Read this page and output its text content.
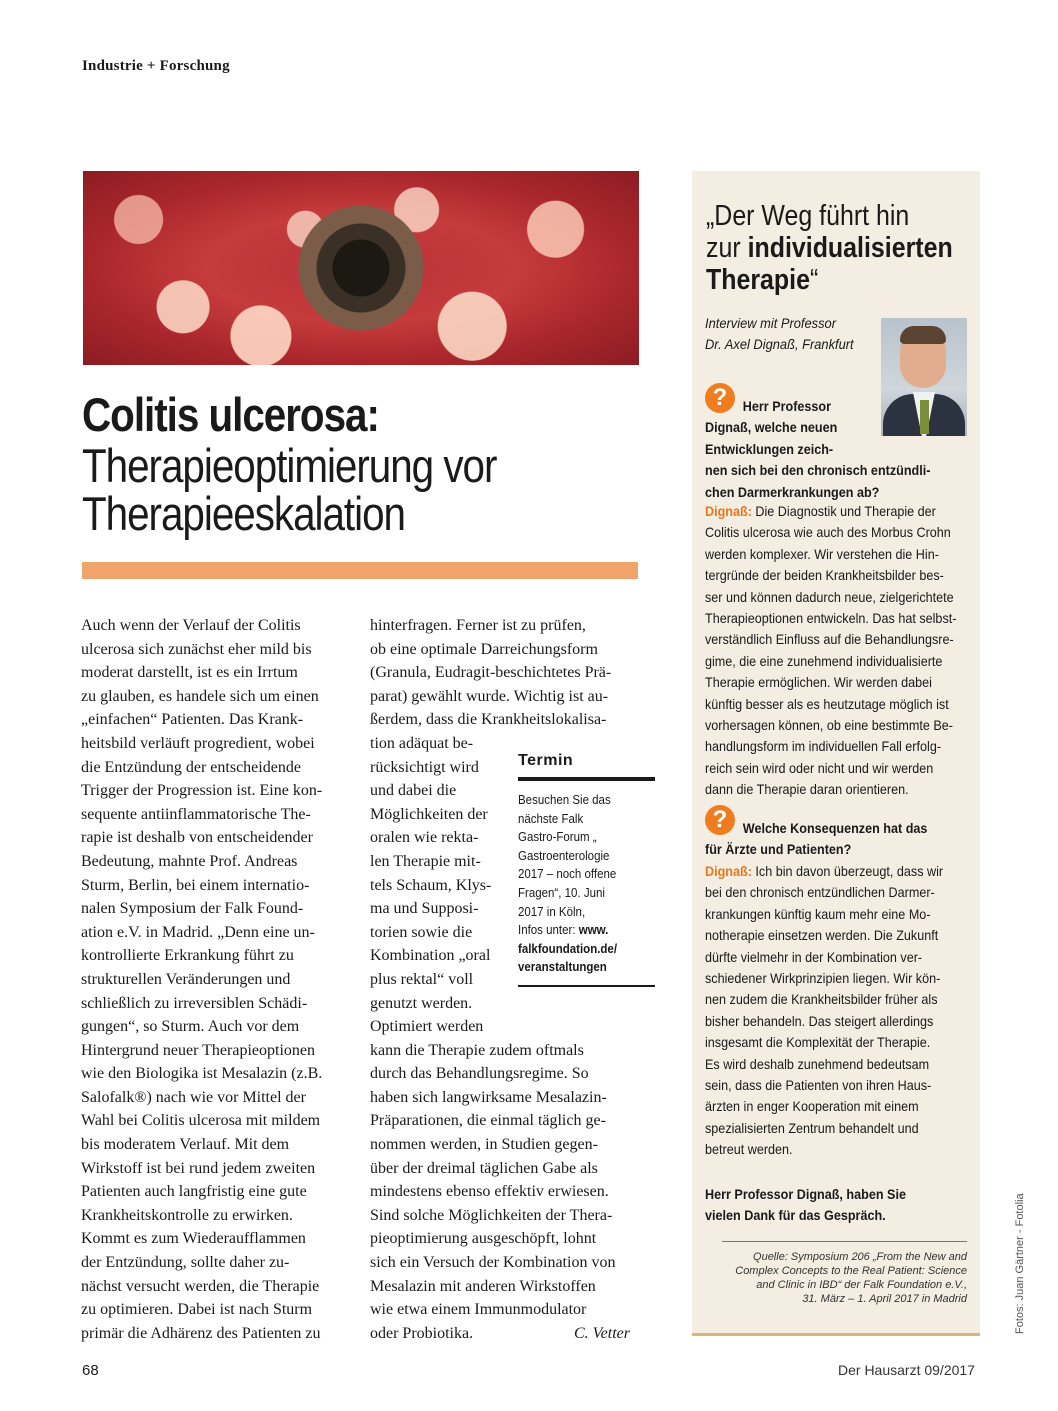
Industrie + Forschung
Colitis ulcerosa:
Therapieoptimierung vor
Therapieeskalation
Auch wenn der Verlauf der Colitis
ulcerosa sich zunächst eher mild bis
moderat darstellt, ist es ein Irrtum
zu glauben, es handele sich um einen
„einfachen“ Patienten. Das Krank-
heitsbild verläuft progredient, wobei
die Entzündung der entscheidende
Trigger der Progression ist. Eine kon-
sequente antiinflammatorische The-
rapie ist deshalb von entscheidender
Bedeutung, mahnte Prof. Andreas
Sturm, Berlin, bei einem internatio-
nalen Symposium der Falk Found-
ation e.V. in Madrid. „Denn eine un-
kontrollierte Erkrankung führt zu
strukturellen Veränderungen und
schließlich zu irreversiblen Schädi-
gungen“, so Sturm. Auch vor dem
Hintergrund neuer Therapieoptionen
wie den Biologika ist Mesalazin (z.B.
Salofalk®) nach wie vor Mittel der
Wahl bei Colitis ulcerosa mit mildem
bis moderatem Verlauf. Mit dem
Wirkstoff ist bei rund jedem zweiten
Patienten auch langfristig eine gute
Krankheitskontrolle zu erwirken.
Kommt es zum Wiederaufflammen
der Entzündung, sollte daher zu-
nächst versucht werden, die Therapie
zu optimieren. Dabei ist nach Sturm
primär die Adhärenz des Patienten zu
hinterfragen. Ferner ist zu prüfen,
ob eine optimale Darreichungsform
(Granula, Eudragit-beschichtetes Prä-
parat) gewählt wurde. Wichtig ist au-
ßerdem, dass die Krankheitslokalisa-
tion adäquat be-
rücksichtigt wird
und dabei die
Möglichkeiten der
oralen wie rekta-
len Therapie mit-
tels Schaum, Klys-
ma und Supposi-
torien sowie die
Kombination „oral
plus rektal“ voll
genutzt werden.
Optimiert werden
kann die Therapie zudem oftmals
durch das Behandlungsregime. So
haben sich langwirksame Mesalazin-
Präparationen, die einmal täglich ge-
nommen werden, in Studien gegen-
über der dreimal täglichen Gabe als
mindestens ebenso effektiv erwiesen.
Sind solche Möglichkeiten der Thera-
pieoptimierung ausgeschöpft, lohnt
sich ein Versuch der Kombination von
Mesalazin mit anderen Wirkstoffen
wie etwa einem Immunmodulator
oder Probiotika.	C. Vetter
Termin
Besuchen Sie das
nächste Falk
Gastro-Forum „
Gastroenterologie
2017 – noch offene
Fragen“, 10. Juni
2017 in Köln,
Infos unter: www.
falkfoundation.de/
veranstaltungen
„Der Weg führt hin
zur individualisierten
Therapie“
Interview mit Professor
Dr. Axel Dignaß, Frankfurt
?	Herr Professor
Dignaß, welche neuen
Entwicklungen zeich-
nen sich bei den chronisch entzündli-
chen Darmerkrankungen ab?
Dignaß: Die Diagnostik und Therapie der
Colitis ulcerosa wie auch des Morbus Crohn
werden komplexer. Wir verstehen die Hin-
tergründe der beiden Krankheitsbilder bes-
ser und können dadurch neue, zielgerichtete
Therapieoptionen entwickeln. Das hat selbst-
verständlich Einfluss auf die Behandlungsre-
gime, die eine zunehmend individualisierte
Therapie ermöglichen. Wir werden dabei
künftig besser als es heutzutage möglich ist
vorhersagen können, ob eine bestimmte Be-
handlungsform im individuellen Fall erfolg-
reich sein wird oder nicht und wir werden
dann die Therapie daran orientieren.
?	Welche Konsequenzen hat das
für Ärzte und Patienten?
Dignaß: Ich bin davon überzeugt, dass wir
bei den chronisch entzündlichen Darmer-
krankungen künftig kaum mehr eine Mo-
notherapie einsetzen werden. Die Zukunft
dürfte vielmehr in der Kombination ver-
schiedener Wirkprinzipien liegen. Wir kön-
nen zudem die Krankheitsbilder früher als
bisher behandeln. Das steigert allerdings
insgesamt die Komplexität der Therapie.
Es wird deshalb zunehmend bedeutsam
sein, dass die Patienten von ihren Haus-
ärzten in enger Kooperation mit einem
spezialisierten Zentrum behandelt und
betreut werden.
Herr Professor Dignaß, haben Sie
vielen Dank für das Gespräch.
Quelle: Symposium 206 „From the New and
Complex Concepts to the Real Patient: Science
and Clinic in IBD“ der Falk Foundation e.V.,
31. März – 1. April 2017 in Madrid	Fotos: Juan Gärtner - Fotolia
68	Der Hausarzt 09/2017
